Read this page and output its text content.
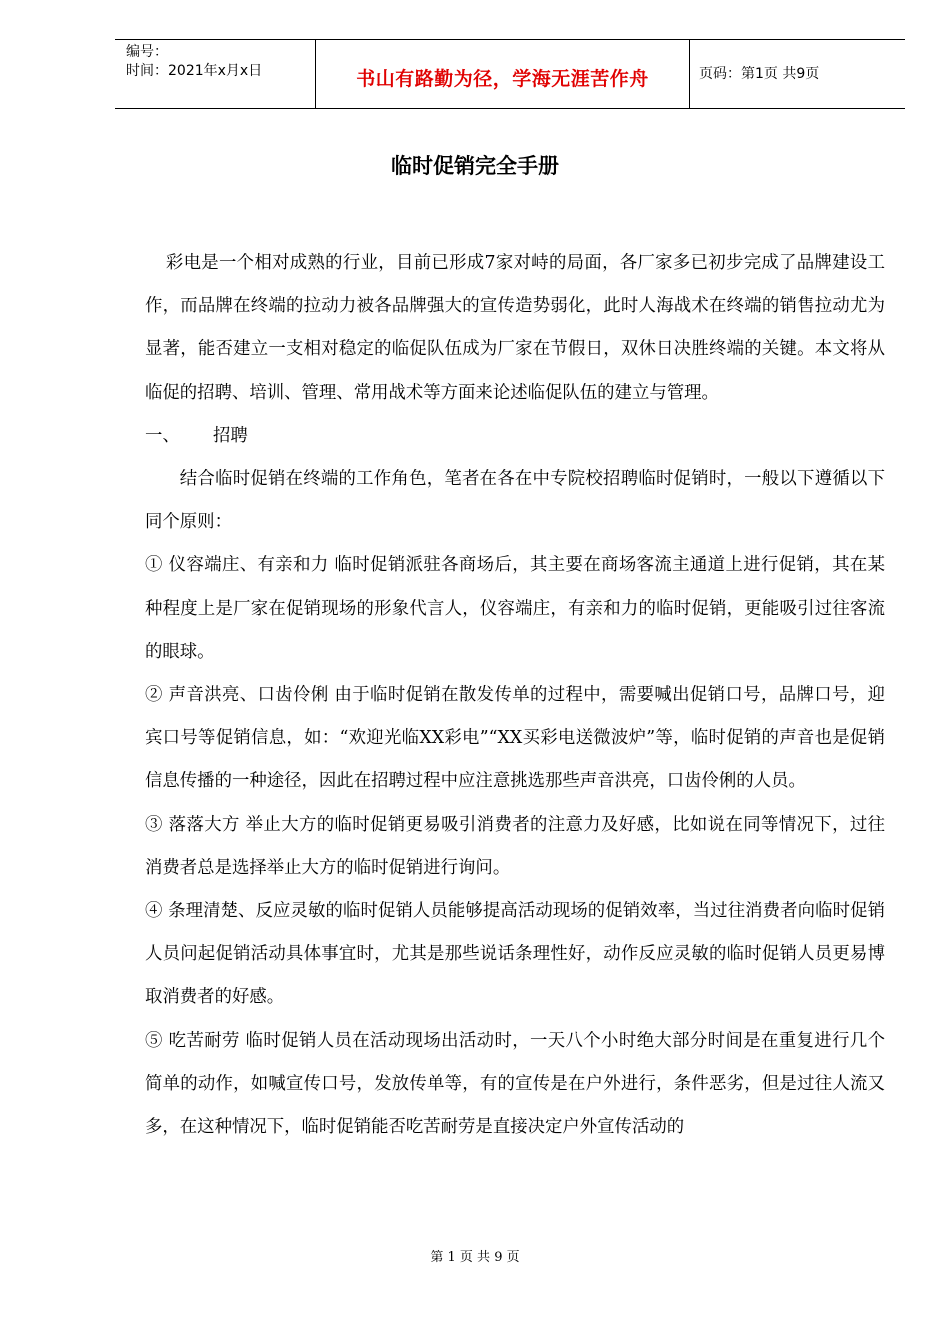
编号：
时间：2021年x月x日	书山有路勤为径，学海无涯苦作舟	页码：第1页 共9页
临时促销完全手册

彩电是一个相对成熟的行业，目前已形成7家对峙的局面，各厂家多已初步完成了品牌建设工作，而品牌在终端的拉动力被各品牌强大的宣传造势弱化，此时人海战术在终端的销售拉动尤为显著，能否建立一支相对稳定的临促队伍成为厂家在节假日，双休日决胜终端的关键。本文将从临促的招聘、培训、管理、常用战术等方面来论述临促队伍的建立与管理。

一、	招聘

结合临时促销在终端的工作角色，笔者在各在中专院校招聘临时促销时，一般以下遵循以下同个原则：

① 仪容端庄、有亲和力 临时促销派驻各商场后，其主要在商场客流主通道上进行促销，其在某种程度上是厂家在促销现场的形象代言人，仪容端庄，有亲和力的临时促销，更能吸引过往客流的眼球。

② 声音洪亮、口齿伶俐 由于临时促销在散发传单的过程中，需要喊出促销口号，品牌口号，迎宾口号等促销信息，如：“欢迎光临XX彩电”“XX买彩电送微波炉”等，临时促销的声音也是促销信息传播的一种途径，因此在招聘过程中应注意挑选那些声音洪亮，口齿伶俐的人员。

③ 落落大方 举止大方的临时促销更易吸引消费者的注意力及好感，比如说在同等情况下，过往消费者总是选择举止大方的临时促销进行询问。

④ 条理清楚、反应灵敏的临时促销人员能够提高活动现场的促销效率，当过往消费者向临时促销人员问起促销活动具体事宜时，尤其是那些说话条理性好，动作反应灵敏的临时促销人员更易博取消费者的好感。

⑤ 吃苦耐劳 临时促销人员在活动现场出活动时，一天八个小时绝大部分时间是在重复进行几个简单的动作，如喊宣传口号，发放传单等，有的宣传是在户外进行，条件恶劣，但是过往人流又多，在这种情况下，临时促销能否吃苦耐劳是直接决定户外宣传活动的

第 1 页 共 9 页
